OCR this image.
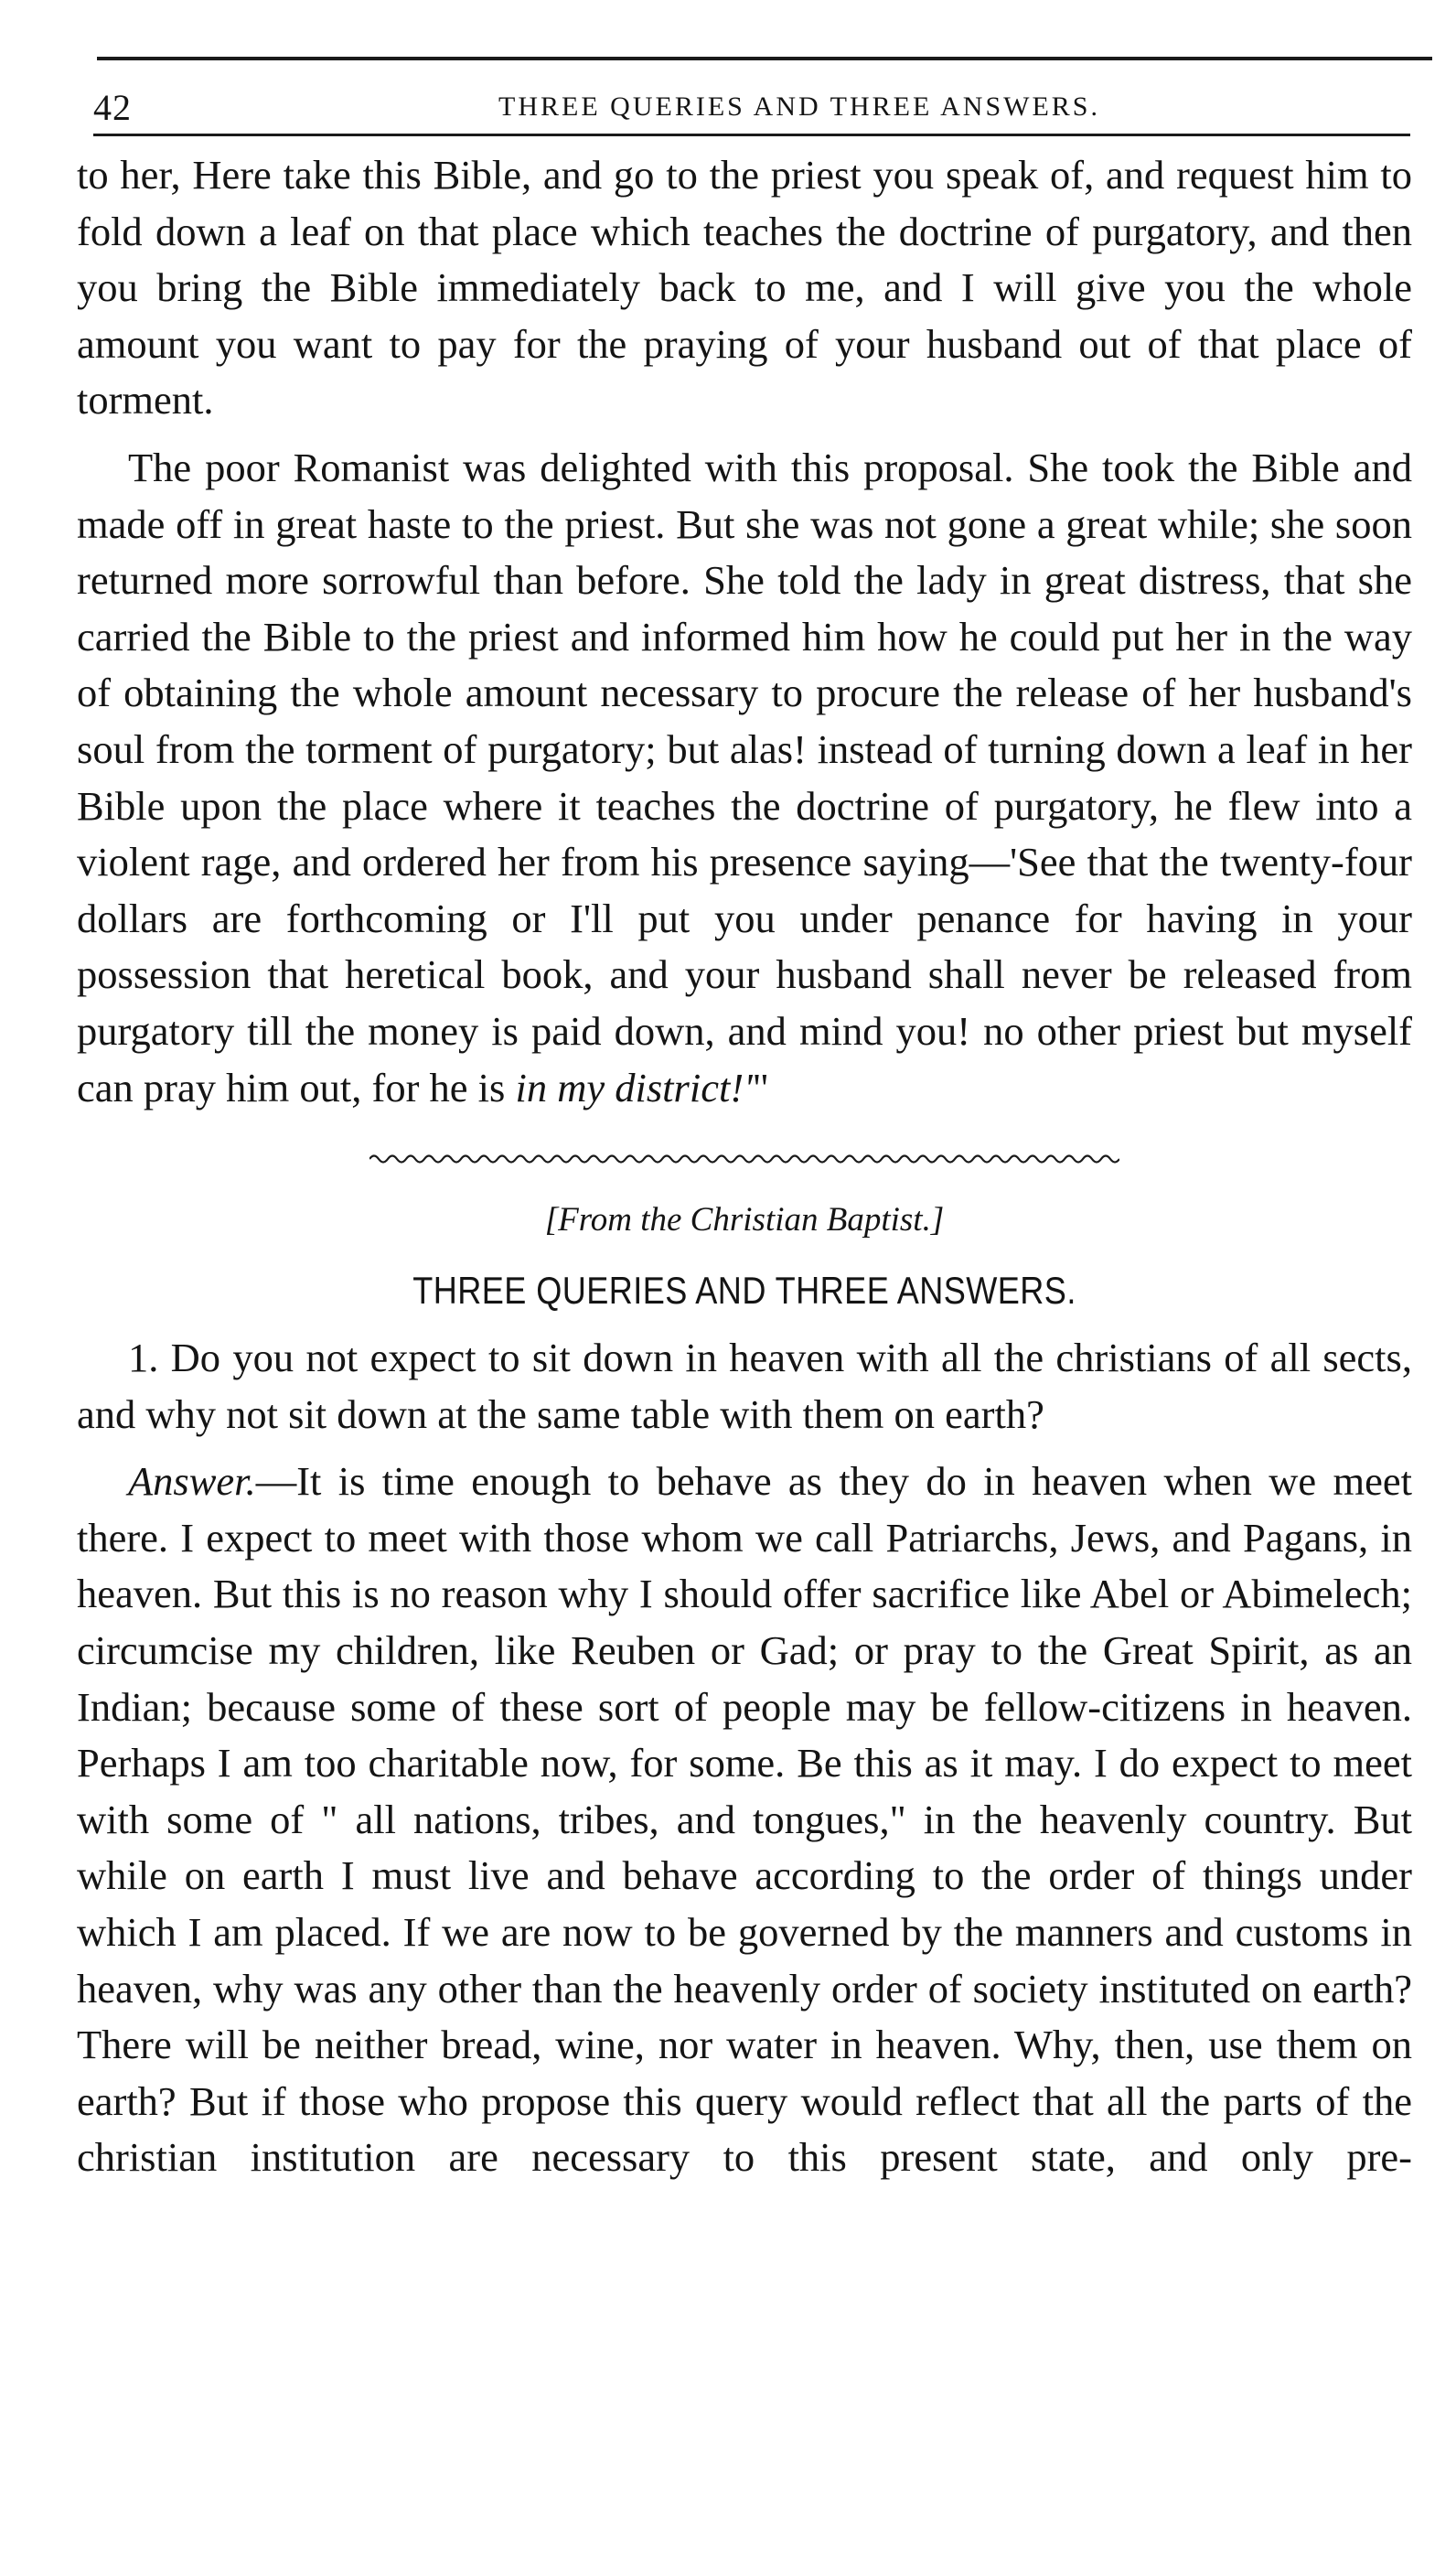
42	THREE QUERIES AND THREE ANSWERS.

to her, Here take this Bible, and go to the priest you speak of, and request him to fold down a leaf on that place which teaches the doctrine of purgatory, and then you bring the Bible immediately back to me, and I will give you the whole amount you want to pay for the praying of your husband out of that place of torment.

The poor Romanist was delighted with this proposal. She took the Bible and made off in great haste to the priest. But she was not gone a great while; she soon returned more sorrowful than before. She told the lady in great distress, that she carried the Bible to the priest and informed him how he could put her in the way of obtaining the whole amount necessary to procure the release of her husband's soul from the torment of purgatory; but alas! instead of turning down a leaf in her Bible upon the place where it teaches the doctrine of purgatory, he flew into a violent rage, and ordered her from his presence saying—'See that the twenty-four dollars are forthcoming or I'll put you under penance for having in your possession that heretical book, and your husband shall never be released from purgatory till the money is paid down, and mind you! no other priest but myself can pray him out, for he is in my district!'"

[From the Christian Baptist.]
THREE QUERIES AND THREE ANSWERS.

1. Do you not expect to sit down in heaven with all the christians of all sects, and why not sit down at the same table with them on earth?

Answer.—It is time enough to behave as they do in heaven when we meet there. I expect to meet with those whom we call Patriarchs, Jews, and Pagans, in heaven. But this is no reason why I should offer sacrifice like Abel or Abimelech; circumcise my children, like Reuben or Gad; or pray to the Great Spirit, as an Indian; because some of these sort of people may be fellow-citizens in heaven. Perhaps I am too charitable now, for some. Be this as it may. I do expect to meet with some of " all nations, tribes, and tongues," in the heavenly country. But while on earth I must live and behave according to the order of things under which I am placed. If we are now to be governed by the manners and customs in heaven, why was any other than the heavenly order of society instituted on earth? There will be neither bread, wine, nor water in heaven. Why, then, use them on earth? But if those who propose this query would reflect that all the parts of the christian institution are necessary to this present state, and only pre-
